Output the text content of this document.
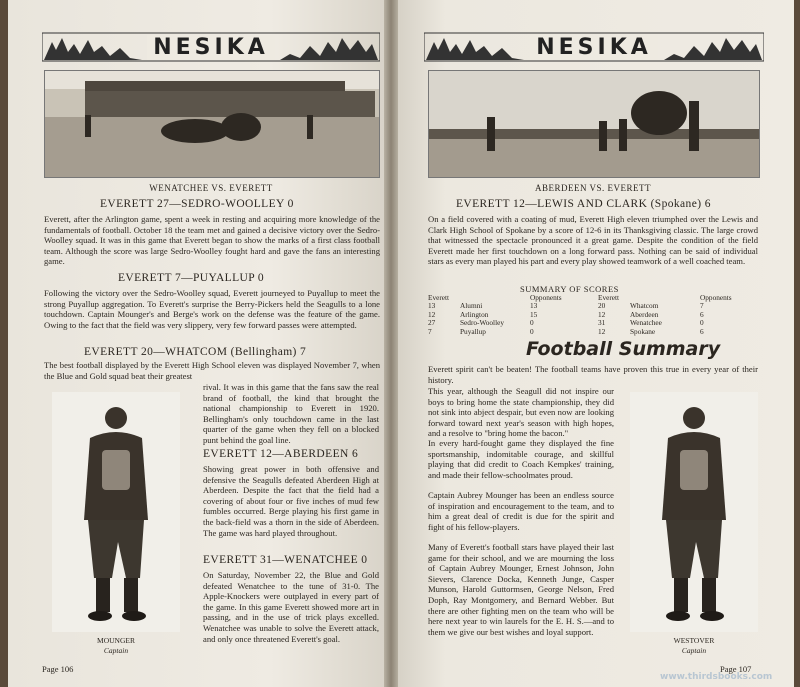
NESIKA
WENATCHEE VS. EVERETT
EVERETT 27—SEDRO-WOOLLEY 0
Everett, after the Arlington game, spent a week in resting and acquiring more knowledge of the fundamentals of football. October 18 the team met and gained a decisive victory over the Sedro-Woolley squad. It was in this game that Everett began to show the marks of a first class football team. Although the score was large Sedro-Woolley fought hard and gave the fans an interesting game.
EVERETT 7—PUYALLUP 0
Following the victory over the Sedro-Woolley squad, Everett journeyed to Puyallup to meet the strong Puyallup aggregation. To Everett's surprise the Berry-Pickers held the Seagulls to a lone touchdown. Captain Mounger's and Berge's work on the defense was the feature of the game. Owing to the fact that the field was very slippery, very few forward passes were attempted.
EVERETT 20—WHATCOM (Bellingham) 7
The best football displayed by the Everett High School eleven was displayed November 7, when the Blue and Gold squad beat their greatest
rival. It was in this game that the fans saw the real brand of football, the kind that brought the national championship to Everett in 1920. Bellingham's only touchdown came in the last quarter of the game when they fell on a blocked punt behind the goal line.
MOUNGER
Captain
EVERETT 12—ABERDEEN 6
Showing great power in both offensive and defensive the Seagulls defeated Aberdeen High at Aberdeen. Despite the fact that the field had a covering of about four or five inches of mud few fumbles occurred. Berge playing his first game in the back-field was a thorn in the side of Aberdeen. The game was hard played throughout.
EVERETT 31—WENATCHEE 0
On Saturday, November 22, the Blue and Gold defeated Wenatchee to the tune of 31-0. The Apple-Knockers were outplayed in every part of the game. In this game Everett showed more art in passing, and in the use of trick plays excelled. Wenatchee was unable to solve the Everett attack, and only once threatened Everett's goal.
Page 106
NESIKA
ABERDEEN VS. EVERETT
EVERETT 12—LEWIS AND CLARK (Spokane) 6
On a field covered with a coating of mud, Everett High eleven triumphed over the Lewis and Clark High School of Spokane by a score of 12-6 in its Thanksgiving classic. The large crowd that witnessed the spectacle pronounced it a great game. Despite the condition of the field Everett made her first touchdown on a long forward pass. Nothing can be said of individual stars as every man played his part and every play showed teamwork of a well coached team.
SUMMARY OF SCORES
Everett	Opponents
13	Alumni	13
12	Arlington	15
27	Sedro-Woolley	0
7	Puyallup	0
Everett	Opponents
20	Whatcom	7
12	Aberdeen	6
31	Wenatchee	0
12	Spokane	6
Football Summary
Everett spirit can't be beaten! The football teams have proven this true in every year of their history.
This year, although the Seagull did not inspire our boys to bring home the state championship, they did not sink into abject despair, but even now are looking forward toward next year's season with high hopes, and a resolve to "bring home the bacon."
In every hard-fought game they displayed the fine sportsmanship, indomitable courage, and skillful playing that did credit to Coach Kempkes' training, and made their fellow-schoolmates proud.
Captain Aubrey Mounger has been an endless source of inspiration and encouragement to the team, and to him a great deal of credit is due for the spirit and fight of his fellow-players.
Many of Everett's football stars have played their last game for their school, and we are mourning the loss of Captain Aubrey Mounger, Ernest Johnson, John Sievers, Clarence Docka, Kenneth Junge, Casper Munson, Harold Guttormsen, George Nelson, Fred Doph, Ray Montgomery, and Bernard Webber. But there are other fighting men on the team who will be here next year to win laurels for the E. H. S.—and to them we give our best wishes and loyal support.
WESTOVER
Captain
Page 107
www.thirdsbooks.com
